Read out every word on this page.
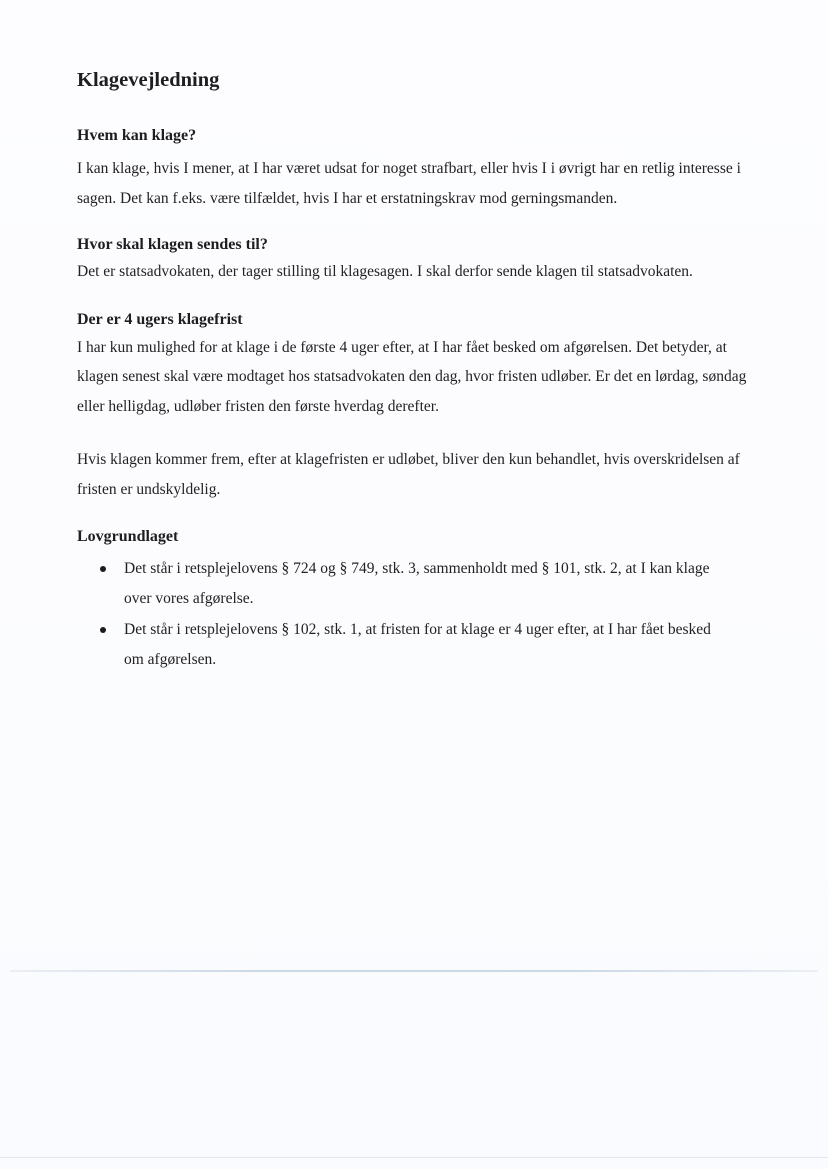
Klagevejledning
Hvem kan klage?

I kan klage, hvis I mener, at I har været udsat for noget strafbart, eller hvis I i øvrigt har en retlig interesse i sagen. Det kan f.eks. være tilfældet, hvis I har et erstatningskrav mod gerningsmanden.

Hvor skal klagen sendes til?

Det er statsadvokaten, der tager stilling til klagesagen. I skal derfor sende klagen til statsadvokaten.

Der er 4 ugers klagefrist

I har kun mulighed for at klage i de første 4 uger efter, at I har fået besked om afgørelsen. Det betyder, at klagen senest skal være modtaget hos statsadvokaten den dag, hvor fristen udløber. Er det en lørdag, søndag eller helligdag, udløber fristen den første hverdag derefter.

Hvis klagen kommer frem, efter at klagefristen er udløbet, bliver den kun behandlet, hvis overskridelsen af fristen er undskyldelig.

Lovgrundlaget
Det står i retsplejelovens § 724 og § 749, stk. 3, sammenholdt med § 101, stk. 2, at I kan klage over vores afgørelse.
Det står i retsplejelovens § 102, stk. 1, at fristen for at klage er 4 uger efter, at I har fået besked om afgørelsen.
